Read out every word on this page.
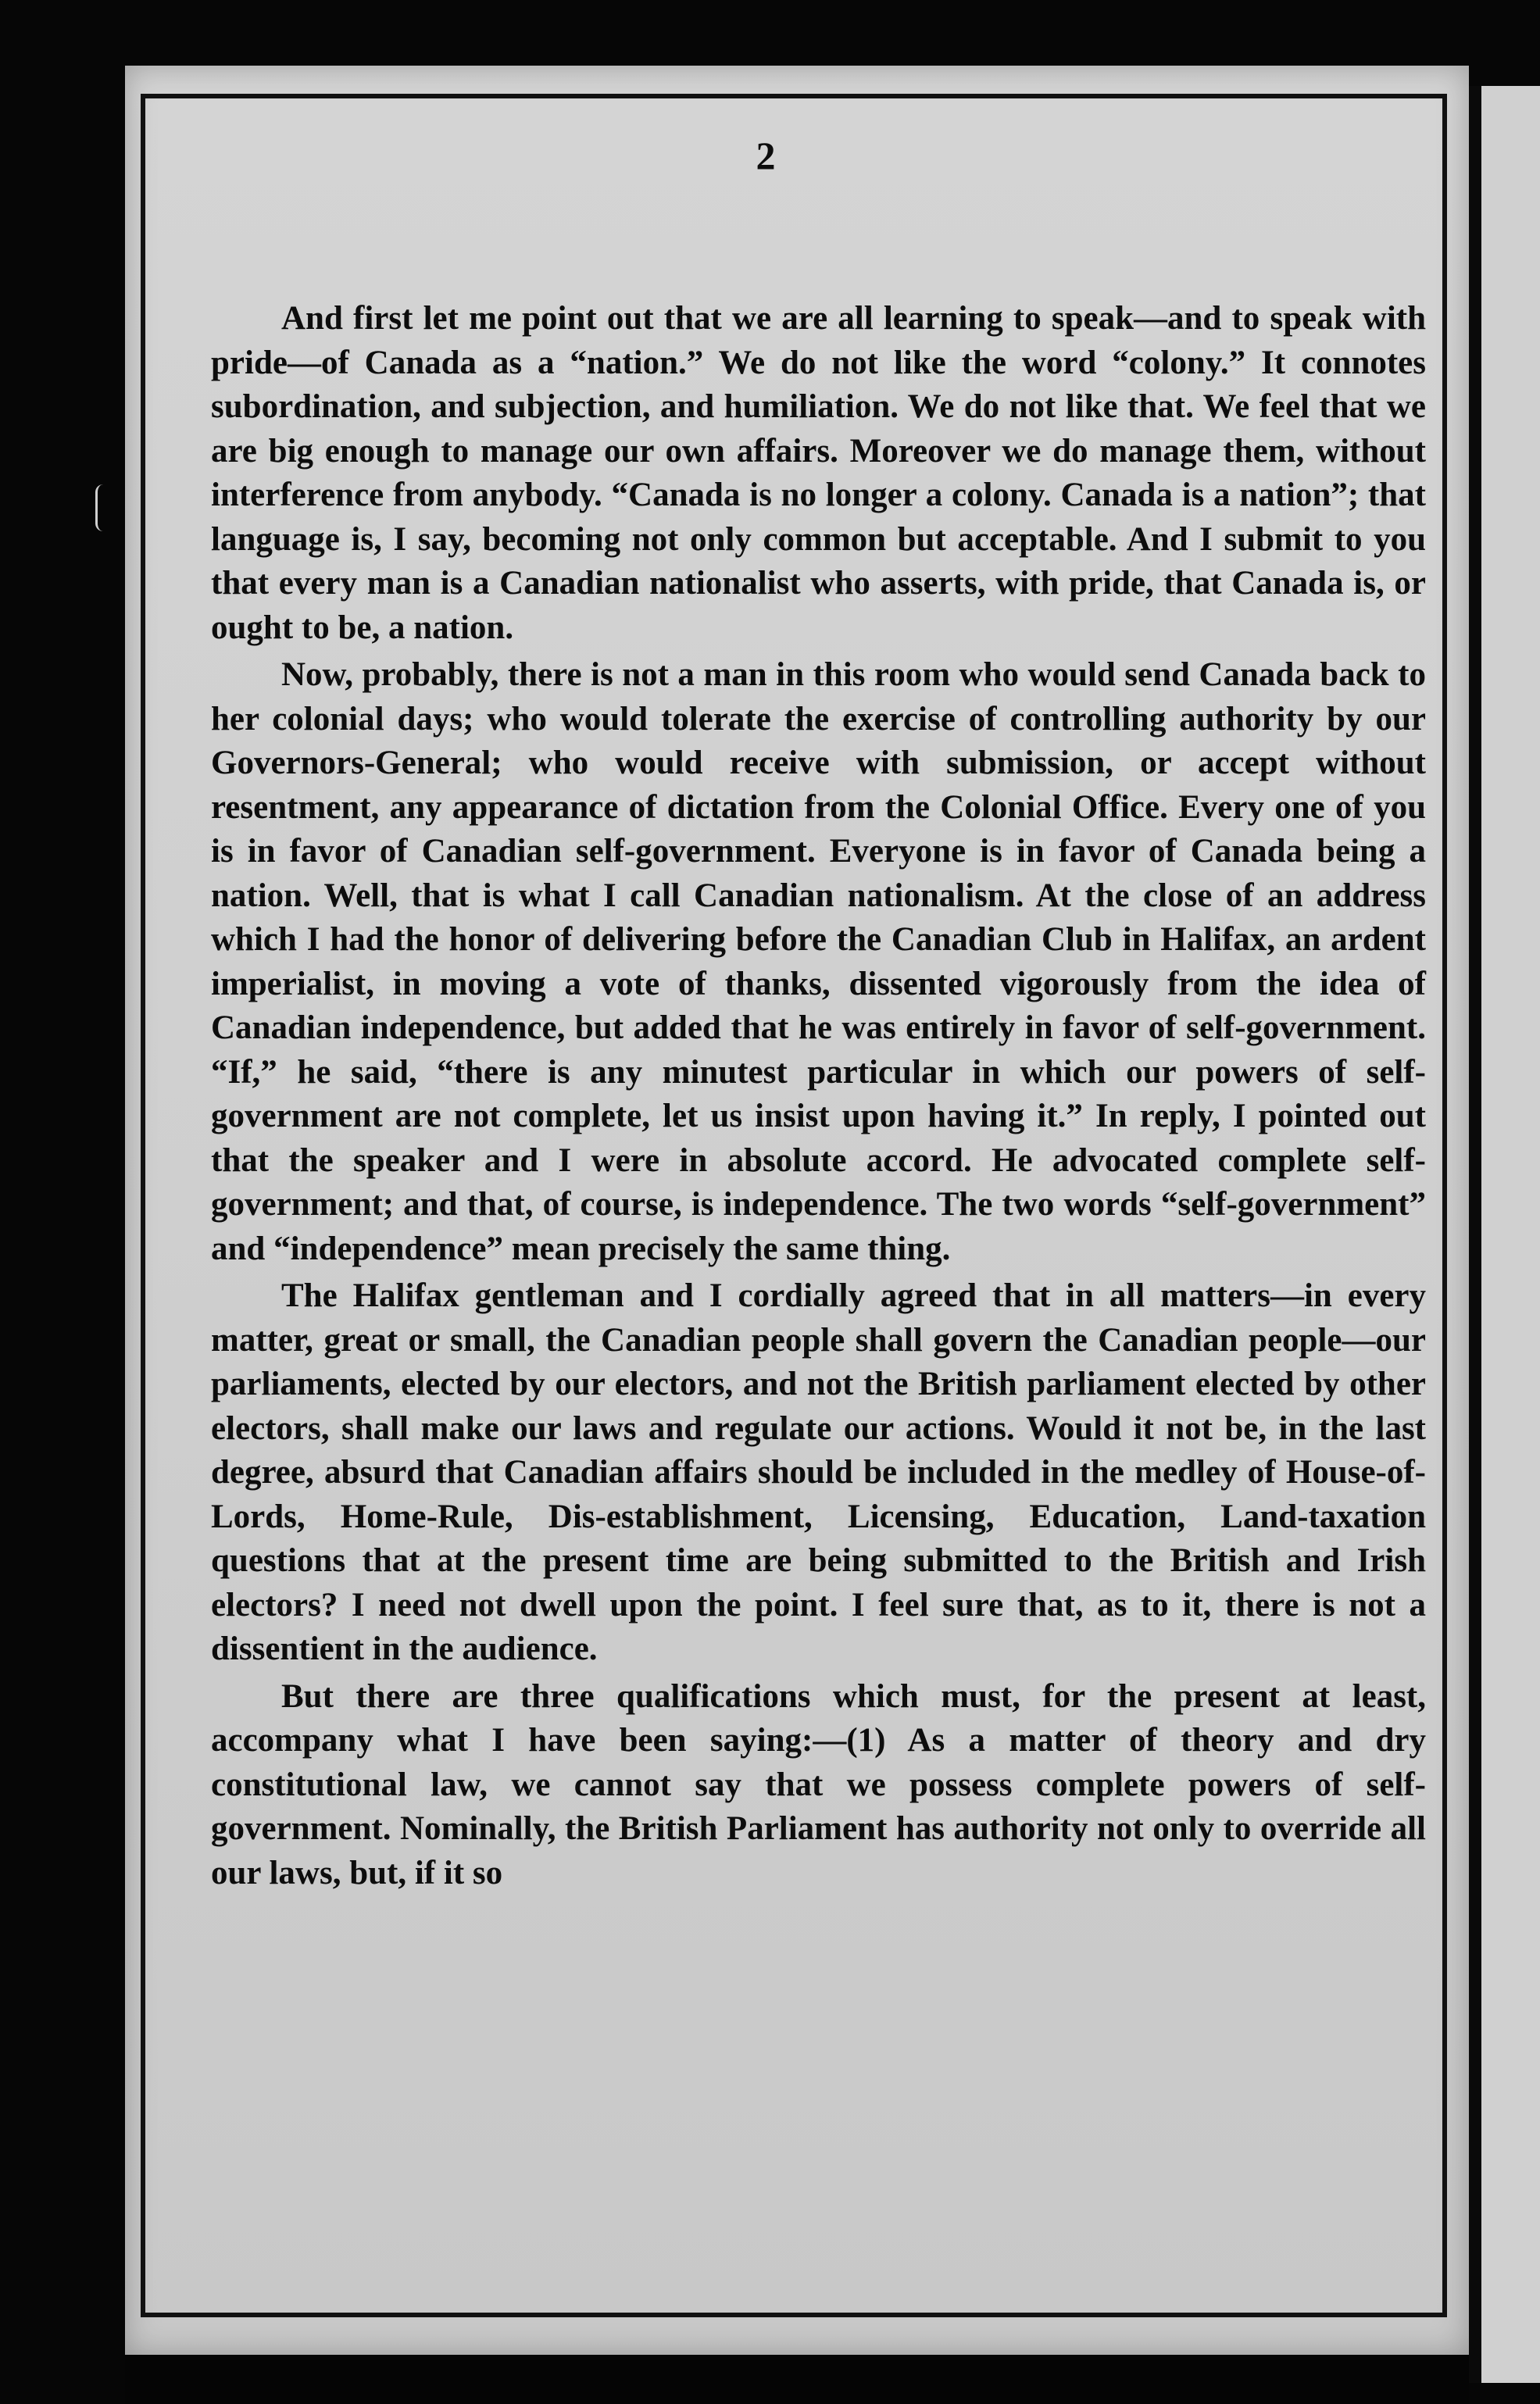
2

And first let me point out that we are all learning to speak—and to speak with pride—of Canada as a “nation.” We do not like the word “colony.” It connotes subordination, and subjection, and humiliation. We do not like that. We feel that we are big enough to manage our own affairs. Moreover we do manage them, without interference from anybody. “Canada is no longer a colony. Canada is a nation”; that language is, I say, becoming not only common but acceptable. And I submit to you that every man is a Canadian nationalist who asserts, with pride, that Canada is, or ought to be, a nation.

Now, probably, there is not a man in this room who would send Canada back to her colonial days; who would tolerate the exercise of controlling authority by our Governors-General; who would receive with submission, or accept without resentment, any appearance of dictation from the Colonial Office. Every one of you is in favor of Canadian self-government. Everyone is in favor of Canada being a nation. Well, that is what I call Canadian nationalism. At the close of an address which I had the honor of delivering before the Canadian Club in Halifax, an ardent imperialist, in moving a vote of thanks, dissented vigorously from the idea of Canadian independence, but added that he was entirely in favor of self-government. “If,” he said, “there is any minutest particular in which our powers of self-government are not complete, let us insist upon having it.” In reply, I pointed out that the speaker and I were in absolute accord. He advocated complete self-government; and that, of course, is independence. The two words “self-government” and “independence” mean precisely the same thing.

The Halifax gentleman and I cordially agreed that in all matters—in every matter, great or small, the Canadian people shall govern the Canadian people—our parliaments, elected by our electors, and not the British parliament elected by other electors, shall make our laws and regulate our actions. Would it not be, in the last degree, absurd that Canadian affairs should be included in the medley of House-of-Lords, Home-Rule, Dis-establishment, Licensing, Education, Land-taxation questions that at the present time are being submitted to the British and Irish electors? I need not dwell upon the point. I feel sure that, as to it, there is not a dissentient in the audience.

But there are three qualifications which must, for the present at least, accompany what I have been saying:—(1) As a matter of theory and dry constitutional law, we cannot say that we possess complete powers of self-government. Nominally, the British Parliament has authority not only to override all our laws, but, if it so
